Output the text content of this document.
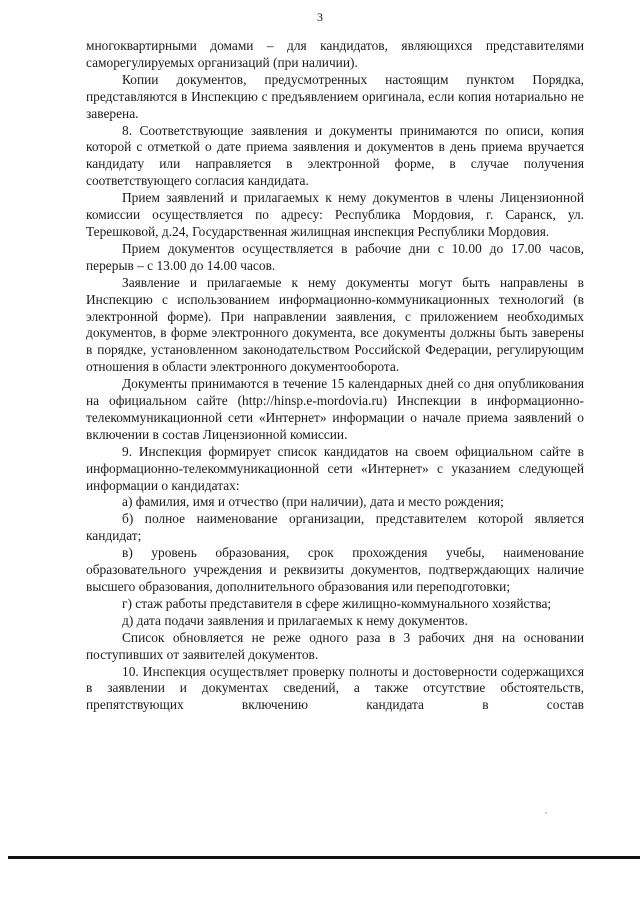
3

многоквартирными домами – для кандидатов, являющихся представителями саморегулируемых организаций (при наличии).

Копии документов, предусмотренных настоящим пунктом Порядка, представляются в Инспекцию с предъявлением оригинала, если копия нотариально не заверена.

8. Соответствующие заявления и документы принимаются по описи, копия которой с отметкой о дате приема заявления и документов в день приема вручается кандидату или направляется в электронной форме, в случае получения соответствующего согласия кандидата.

Прием заявлений и прилагаемых к нему документов в члены Лицензионной комиссии осуществляется по адресу: Республика Мордовия, г. Саранск, ул. Терешковой, д.24, Государственная жилищная инспекция Республики Мордовия.

Прием документов осуществляется в рабочие дни с 10.00 до 17.00 часов, перерыв – с 13.00 до 14.00 часов.

Заявление и прилагаемые к нему документы могут быть направлены в Инспекцию с использованием информационно-коммуникационных технологий (в электронной форме). При направлении заявления, с приложением необходимых документов, в форме электронного документа, все документы должны быть заверены в порядке, установленном законодательством Российской Федерации, регулирующим отношения в области электронного документооборота.

Документы принимаются в течение 15 календарных дней со дня опубликования на официальном сайте (http://hinsp.e-mordovia.ru) Инспекции в информационно-телекоммуникационной сети «Интернет» информации о начале приема заявлений о включении в состав Лицензионной комиссии.

9. Инспекция формирует список кандидатов на своем официальном сайте в информационно-телекоммуникационной сети «Интернет» с указанием следующей информации о кандидатах:

а) фамилия, имя и отчество (при наличии), дата и место рождения;

б) полное наименование организации, представителем которой является кандидат;

в) уровень образования, срок прохождения учебы, наименование образовательного учреждения и реквизиты документов, подтверждающих наличие высшего образования, дополнительного образования или переподготовки;

г) стаж работы представителя в сфере жилищно-коммунального хозяйства;

д) дата подачи заявления и прилагаемых к нему документов.

Список обновляется не реже одного раза в 3 рабочих дня на основании поступивших от заявителей документов.

10. Инспекция осуществляет проверку полноты и достоверности содержащихся в заявлении и документах сведений, а также отсутствие обстоятельств, препятствующих включению кандидата в состав
